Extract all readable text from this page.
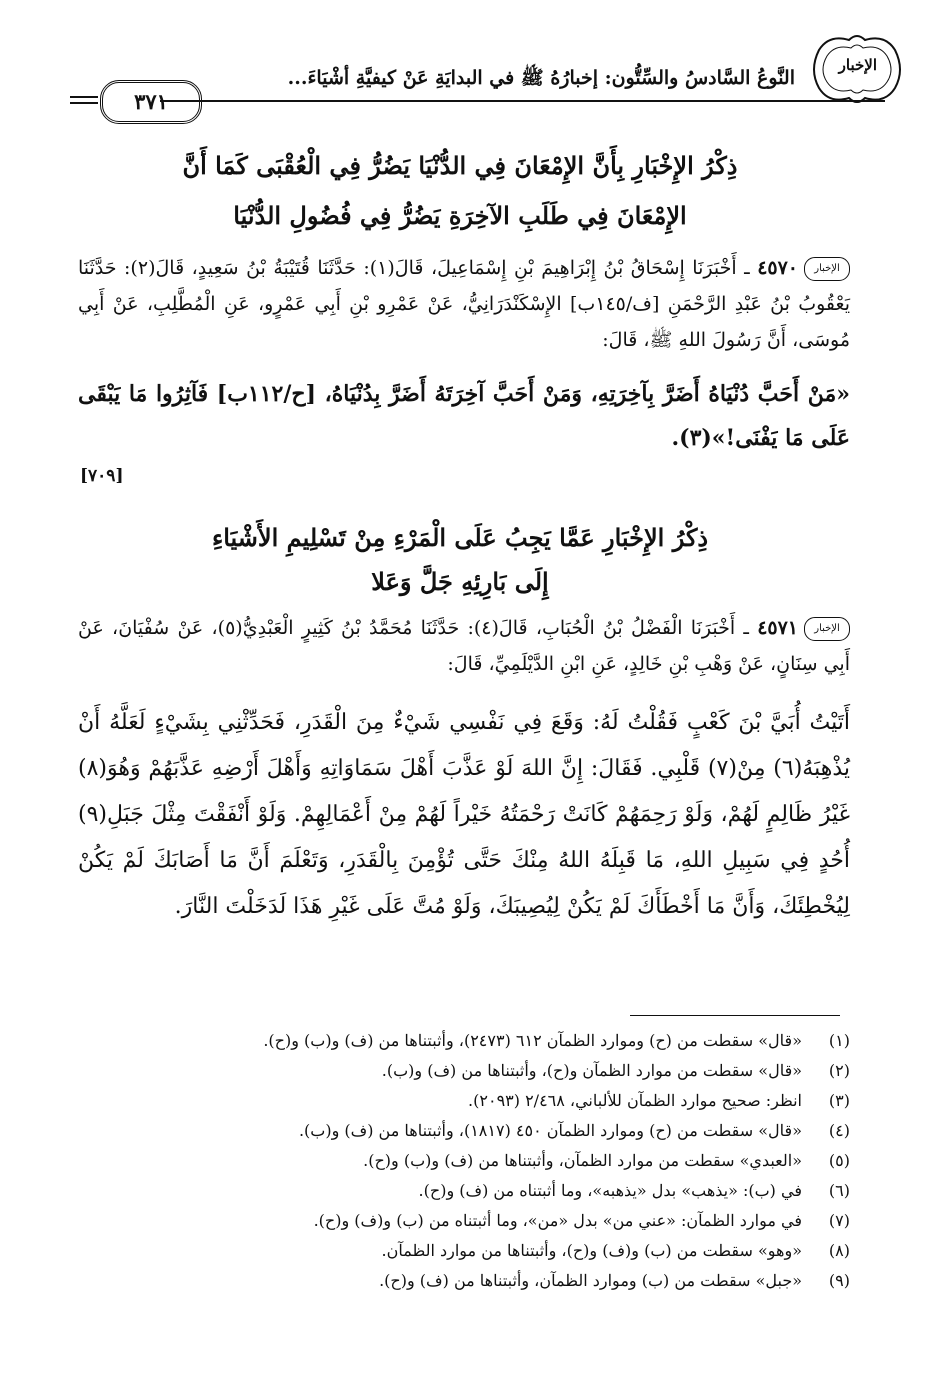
الإخبار
النَّوعُ السَّادسُ والسِّتُّون: إخبارُهُ ﷺ في البدايَةِ عَنْ كيفيَّةِ أشْيَاءَ...
٣٧١
ذِكْرُ الإِخْبَارِ بِأَنَّ الإِمْعَانَ فِي الدُّنْيَا يَضُرُّ فِي الْعُقْبَى كَمَا أَنَّ
الإِمْعَانَ فِي طَلَبِ الآخِرَةِ يَضُرُّ فِي فُضُولِ الدُّنْيَا
الإخبار٤٥٧٠ ـ أَخْبَرَنَا إِسْحَاقُ بْنُ إِبْرَاهِيمَ بْنِ إِسْمَاعِيلَ، قَالَ(١): حَدَّثَنَا قُتَيْبَةُ بْنُ سَعِيدٍ، قَالَ(٢): حَدَّثَنَا يَعْقُوبُ بْنُ عَبْدِ الرَّحْمَنِ [ف/١٤٥ب] الإِسْكَنْدَرَانِيُّ، عَنْ عَمْرِو بْنِ أَبِي عَمْرٍو، عَنِ الْمُطَّلِبِ، عَنْ أَبِي مُوسَى، أَنَّ رَسُولَ اللهِ ﷺ، قَالَ:
«مَنْ أَحَبَّ دُنْيَاهُ أَضَرَّ بِآخِرَتِهِ، وَمَنْ أَحَبَّ آخِرَتَهُ أَضَرَّ بِدُنْيَاهُ، [ح/١١٢ب] فَآثِرُوا مَا يَبْقَى عَلَى مَا يَفْنَى!»(٣).
[٧٠٩]
ذِكْرُ الإِخْبَارِ عَمَّا يَجِبُ عَلَى الْمَرْءِ مِنْ تَسْلِيمِ الأَشْيَاءِ
إِلَى بَارِئِهِ جَلَّ وَعَلا
الإخبار٤٥٧١ ـ أَخْبَرَنَا الْفَضْلُ بْنُ الْحُبَابِ، قَالَ(٤): حَدَّثَنَا مُحَمَّدُ بْنُ كَثِيرٍ الْعَبْدِيُّ(٥)، عَنْ سُفْيَانَ، عَنْ أَبِي سِنَانٍ، عَنْ وَهْبِ بْنِ خَالِدٍ، عَنِ ابْنِ الدَّيْلَمِيِّ، قَالَ:
أَتَيْتُ أُبَيَّ بْنَ كَعْبٍ فَقُلْتُ لَهُ: وَقَعَ فِي نَفْسِي شَيْءٌ مِنَ الْقَدَرِ، فَحَدِّثْنِي بِشَيْءٍ لَعَلَّهُ أَنْ يُذْهِبَهُ(٦) مِنْ(٧) قَلْبِي. فَقَالَ: إِنَّ اللهَ لَوْ عَذَّبَ أَهْلَ سَمَاوَاتِهِ وَأَهْلَ أَرْضِهِ عَذَّبَهُمْ وَهُوَ(٨) غَيْرُ ظَالِمٍ لَهُمْ، وَلَوْ رَحِمَهُمْ كَانَتْ رَحْمَتُهُ خَيْراً لَهُمْ مِنْ أَعْمَالِهِمْ. وَلَوْ أَنْفَقْتَ مِثْلَ جَبَلِ(٩) أُحُدٍ فِي سَبِيلِ اللهِ، مَا قَبِلَهُ اللهُ مِنْكَ حَتَّى تُؤْمِنَ بِالْقَدَرِ، وَتَعْلَمَ أَنَّ مَا أَصَابَكَ لَمْ يَكُنْ لِيُخْطِئَكَ، وَأَنَّ مَا أَخْطَأَكَ لَمْ يَكُنْ لِيُصِيبَكَ، وَلَوْ مُتَّ عَلَى غَيْرِ هَذَا لَدَخَلْتَ النَّارَ.
(١)
«قال» سقطت من (ح) وموارد الظمآن ٦١٢ (٢٤٧٣)، وأثبتناها من (ف) و(ب) و(ح).
(٢)
«قال» سقطت من موارد الظمآن و(ح)، وأثبتناها من (ف) و(ب).
(٣)
انظر: صحيح موارد الظمآن للألباني، ٢/٤٦٨ (٢٠٩٣).
(٤)
«قال» سقطت من (ح) وموارد الظمآن ٤٥٠ (١٨١٧)، وأثبتناها من (ف) و(ب).
(٥)
«العبدي» سقطت من موارد الظمآن، وأثبتناها من (ف) و(ب) و(ح).
(٦)
في (ب): «يذهب» بدل «يذهبه»، وما أثبتناه من (ف) و(ح).
(٧)
في موارد الظمآن: «عني من» بدل «من»، وما أثبتناه من (ب) و(ف) و(ح).
(٨)
«وهو» سقطت من (ب) و(ف) و(ح)، وأثبتناها من موارد الظمآن.
(٩)
«جبل» سقطت من (ب) وموارد الظمآن، وأثبتناها من (ف) و(ح).
